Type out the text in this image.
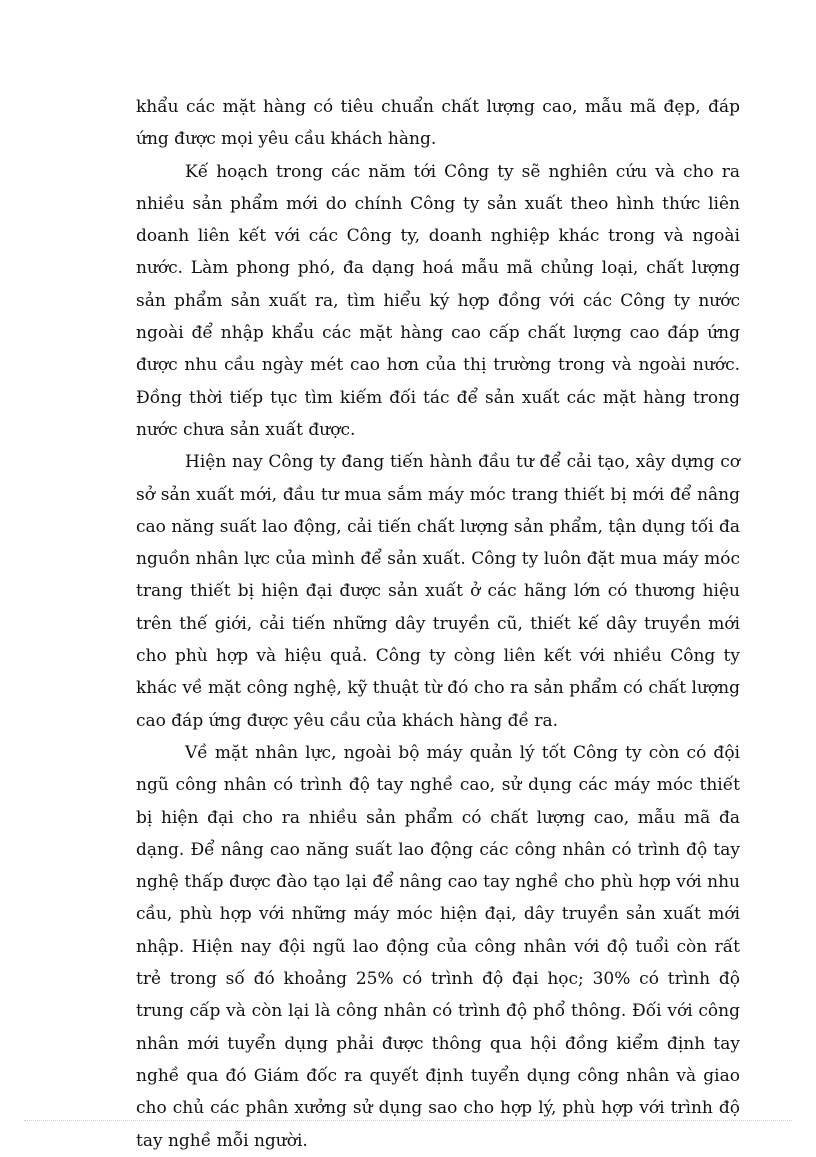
khẩu các mặt hàng có tiêu chuẩn chất lượng cao, mẫu mã đẹp, đáp ứng được mọi yêu cầu khách hàng.

Kế hoạch trong các năm tới Công ty sẽ nghiên cứu và cho ra nhiều sản phẩm mới do chính Công ty sản xuất theo hình thức liên doanh liên kết với các Công ty, doanh nghiệp khác trong và ngoài nước. Làm phong phó, đa dạng hoá mẫu mã chủng loại, chất lượng sản phẩm sản xuất ra, tìm hiểu ký hợp đồng với các Công ty nước ngoài để nhập khẩu các mặt hàng cao cấp chất lượng cao đáp ứng được nhu cầu ngày mét cao hơn của thị trường trong và ngoài nước. Đồng thời tiếp tục tìm kiếm đối tác để sản xuất các mặt hàng trong nước chưa sản xuất được.

Hiện nay Công ty đang tiến hành đầu tư để cải tạo, xây dựng cơ sở sản xuất mới, đầu tư mua sắm máy móc trang thiết bị mới để nâng cao năng suất lao động, cải tiến chất lượng sản phẩm, tận dụng tối đa nguồn nhân lực của mình để sản xuất. Công ty luôn đặt mua máy móc trang thiết bị hiện đại được sản xuất ở các hãng lớn có thương hiệu trên thế giới, cải tiến những dây truyền cũ, thiết kế dây truyền mới cho phù hợp và hiệu quả. Công ty còng liên kết với nhiều Công ty khác về mặt công nghệ, kỹ thuật từ đó cho ra sản phẩm có chất lượng cao đáp ứng được yêu cầu của khách hàng đề ra.

Về mặt nhân lực, ngoài bộ máy quản lý tốt Công ty còn có đội ngũ công nhân có trình độ tay nghề cao, sử dụng các máy móc thiết bị hiện đại cho ra nhiều sản phẩm có chất lượng cao, mẫu mã đa dạng. Để nâng cao năng suất lao động các công nhân có trình độ tay nghệ thấp được đào tạo lại để nâng cao tay nghề cho phù hợp với nhu cầu, phù hợp với những máy móc hiện đại, dây truyền sản xuất mới nhập. Hiện nay đội ngũ lao động của công nhân với độ tuổi còn rất trẻ trong số đó khoảng 25% có trình độ đại học; 30% có trình độ trung cấp và còn lại là công nhân có trình độ phổ thông. Đối với công nhân mới tuyển dụng phải được thông qua hội đồng kiểm định tay nghề qua đó Giám đốc ra quyết định tuyển dụng công nhân và giao cho chủ các phân xưởng sử dụng sao cho hợp lý, phù hợp với trình độ tay nghề mỗi người.
